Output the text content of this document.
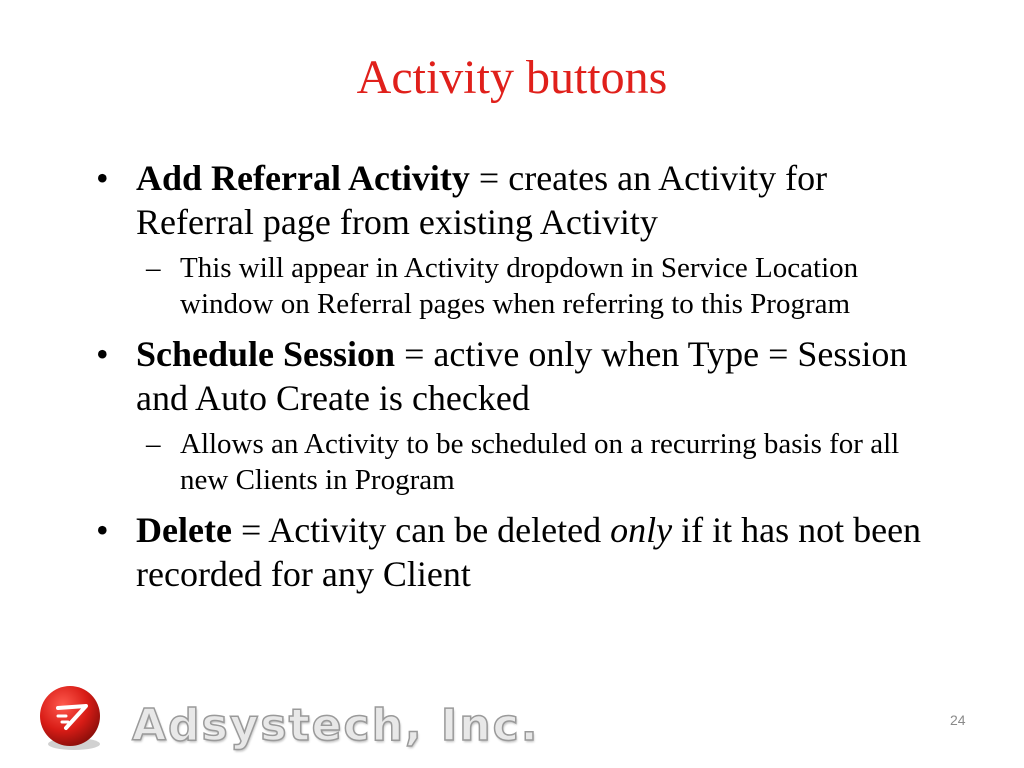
Activity buttons
• Add Referral Activity = creates an Activity for Referral page from existing Activity
– This will appear in Activity dropdown in Service Location window on Referral pages when referring to this Program
• Schedule Session = active only when Type = Session and Auto Create is checked
– Allows an Activity to be scheduled on a recurring basis for all new Clients in Program
• Delete = Activity can be deleted only if it has not been recorded for any Client
Adsystech, Inc.	24
